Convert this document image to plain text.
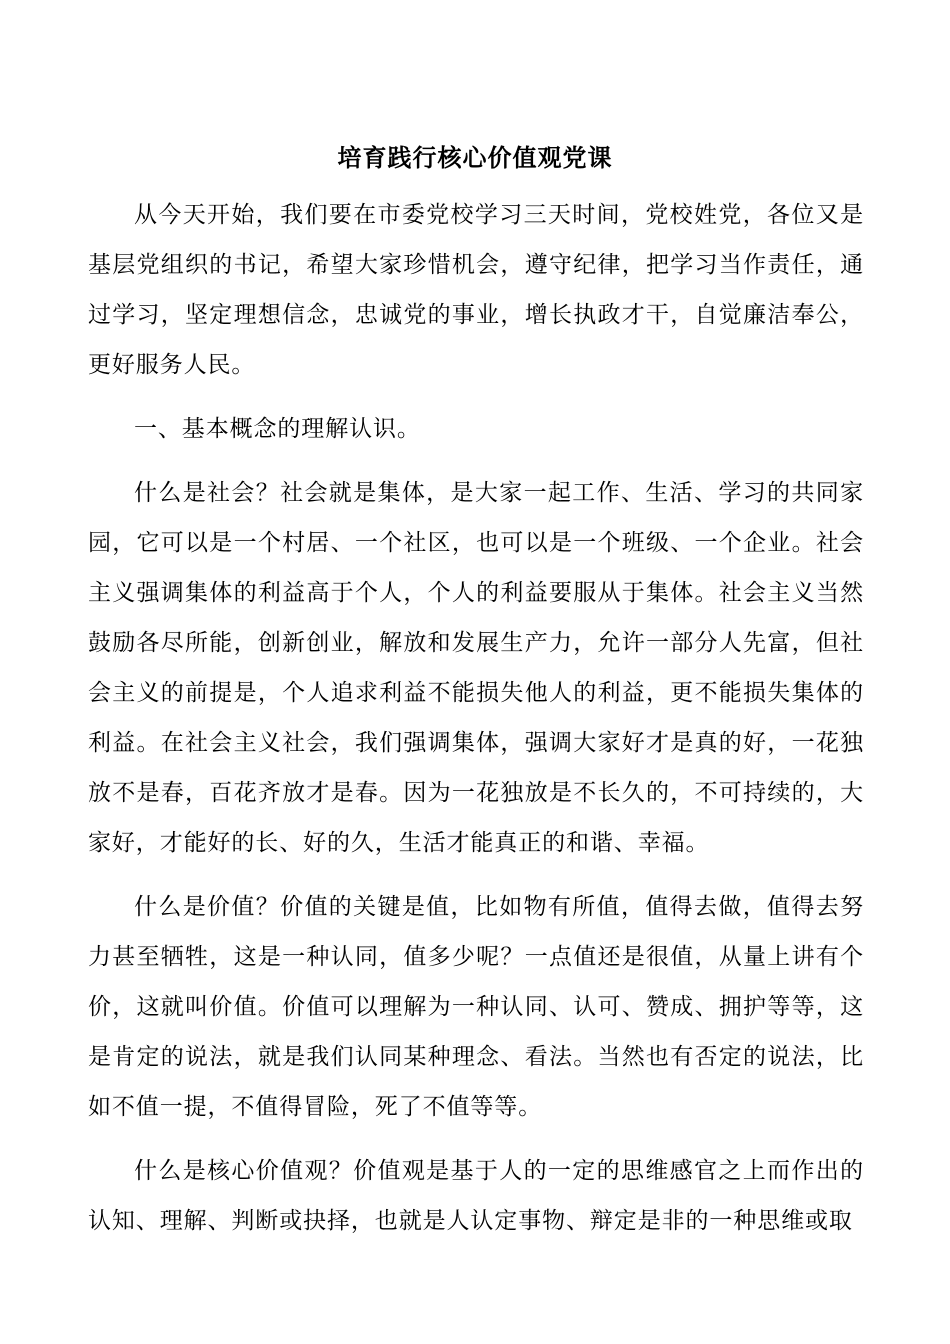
培育践行核心价值观党课

从今天开始，我们要在市委党校学习三天时间，党校姓党，各位又是基层党组织的书记，希望大家珍惜机会，遵守纪律，把学习当作责任，通过学习，坚定理想信念，忠诚党的事业，增长执政才干，自觉廉洁奉公，更好服务人民。

一、基本概念的理解认识。

什么是社会？社会就是集体，是大家一起工作、生活、学习的共同家园，它可以是一个村居、一个社区，也可以是一个班级、一个企业。社会主义强调集体的利益高于个人，个人的利益要服从于集体。社会主义当然鼓励各尽所能，创新创业，解放和发展生产力，允许一部分人先富，但社会主义的前提是，个人追求利益不能损失他人的利益，更不能损失集体的利益。在社会主义社会，我们强调集体，强调大家好才是真的好，一花独放不是春，百花齐放才是春。因为一花独放是不长久的，不可持续的，大家好，才能好的长、好的久，生活才能真正的和谐、幸福。

什么是价值？价值的关键是值，比如物有所值，值得去做，值得去努力甚至牺牲，这是一种认同，值多少呢？一点值还是很值，从量上讲有个价，这就叫价值。价值可以理解为一种认同、认可、赞成、拥护等等，这是肯定的说法，就是我们认同某种理念、看法。当然也有否定的说法，比如不值一提，不值得冒险，死了不值等等。

什么是核心价值观？价值观是基于人的一定的思维感官之上而作出的认知、理解、判断或抉择，也就是人认定事物、辩定是非的一种思维或取
